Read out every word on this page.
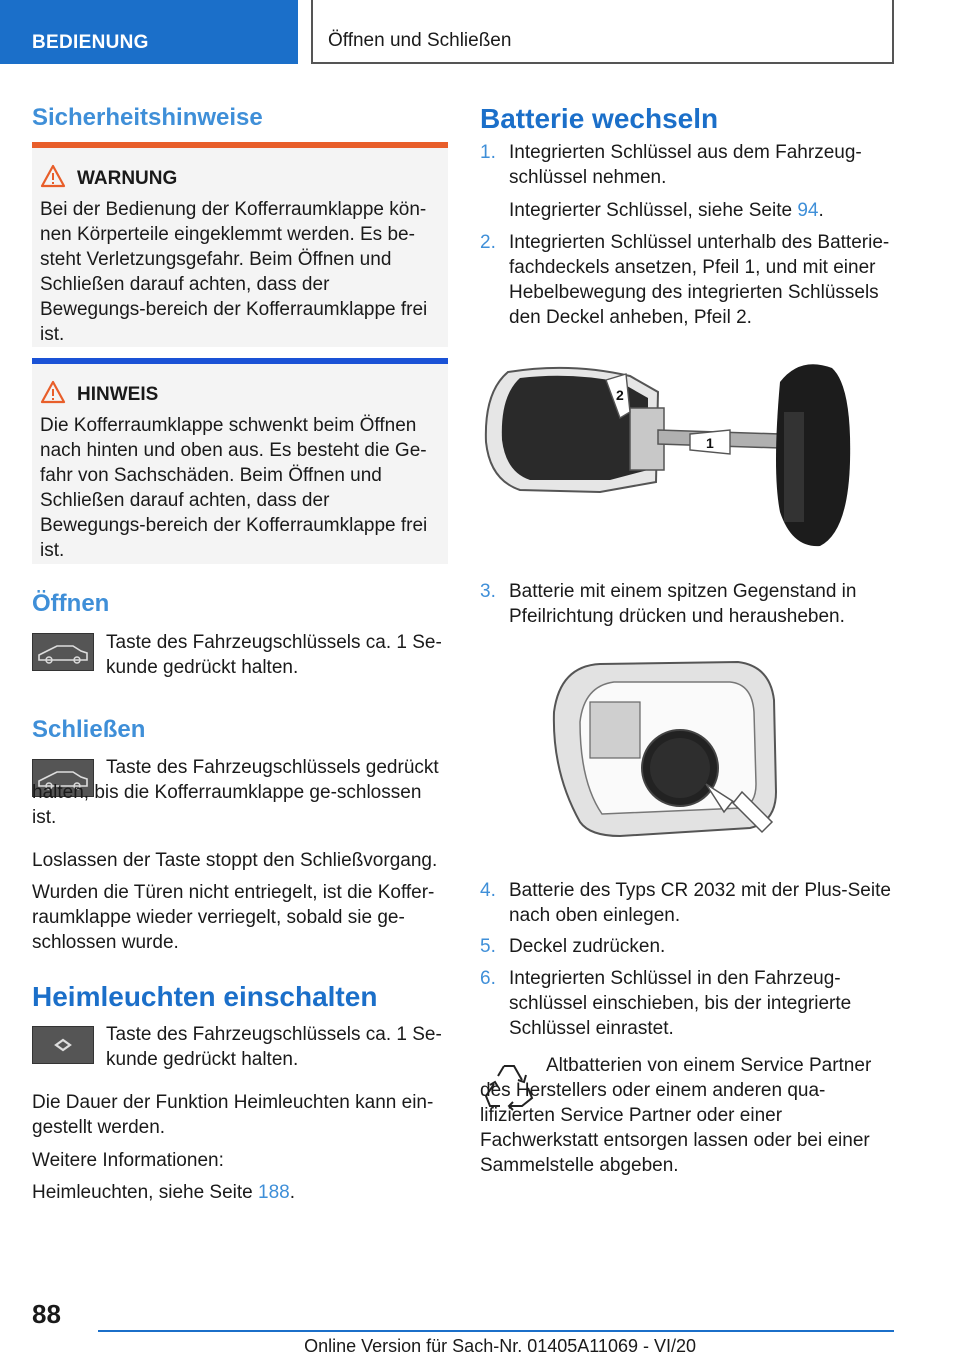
BEDIENUNG	Öffnen und Schließen
Sicherheitshinweise
WARNUNG
Bei der Bedienung der Kofferraumklappe kön-nen Körperteile eingeklemmt werden. Es be-steht Verletzungsgefahr. Beim Öffnen und Schließen darauf achten, dass der Bewegungs-bereich der Kofferraumklappe frei ist.
HINWEIS
Die Kofferraumklappe schwenkt beim Öffnen nach hinten und oben aus. Es besteht die Ge-fahr von Sachschäden. Beim Öffnen und Schließen darauf achten, dass der Bewegungs-bereich der Kofferraumklappe frei ist.
Öffnen
Taste des Fahrzeugschlüssels ca. 1 Se-kunde gedrückt halten.
Schließen
Taste des Fahrzeugschlüssels gedrückt halten, bis die Kofferraumklappe ge-schlossen ist.
Loslassen der Taste stoppt den Schließvorgang.
Wurden die Türen nicht entriegelt, ist die Koffer-raumklappe wieder verriegelt, sobald sie ge-schlossen wurde.
Heimleuchten einschalten
Taste des Fahrzeugschlüssels ca. 1 Se-kunde gedrückt halten.
Die Dauer der Funktion Heimleuchten kann ein-gestellt werden.
Weitere Informationen:
Heimleuchten, siehe Seite 188.
Batterie wechseln
1. Integrierten Schlüssel aus dem Fahrzeug-schlüssel nehmen.
Integrierter Schlüssel, siehe Seite 94.
2. Integrierten Schlüssel unterhalb des Batterie-fachdeckels ansetzen, Pfeil 1, und mit einer Hebelbewegung des integrierten Schlüssels den Deckel anheben, Pfeil 2.
2
1
3. Batterie mit einem spitzen Gegenstand in Pfeilrichtung drücken und herausheben.
4. Batterie des Typs CR 2032 mit der Plus-Seite nach oben einlegen.
5. Deckel zudrücken.
6. Integrierten Schlüssel in den Fahrzeug-schlüssel einschieben, bis der integrierte Schlüssel einrastet.
Altbatterien von einem Service Partner des Herstellers oder einem anderen qua-lifizierten Service Partner oder einer Fachwerkstatt entsorgen lassen oder bei einer Sammelstelle abgeben.
88
Online Version für Sach-Nr. 01405A11069 - VI/20
